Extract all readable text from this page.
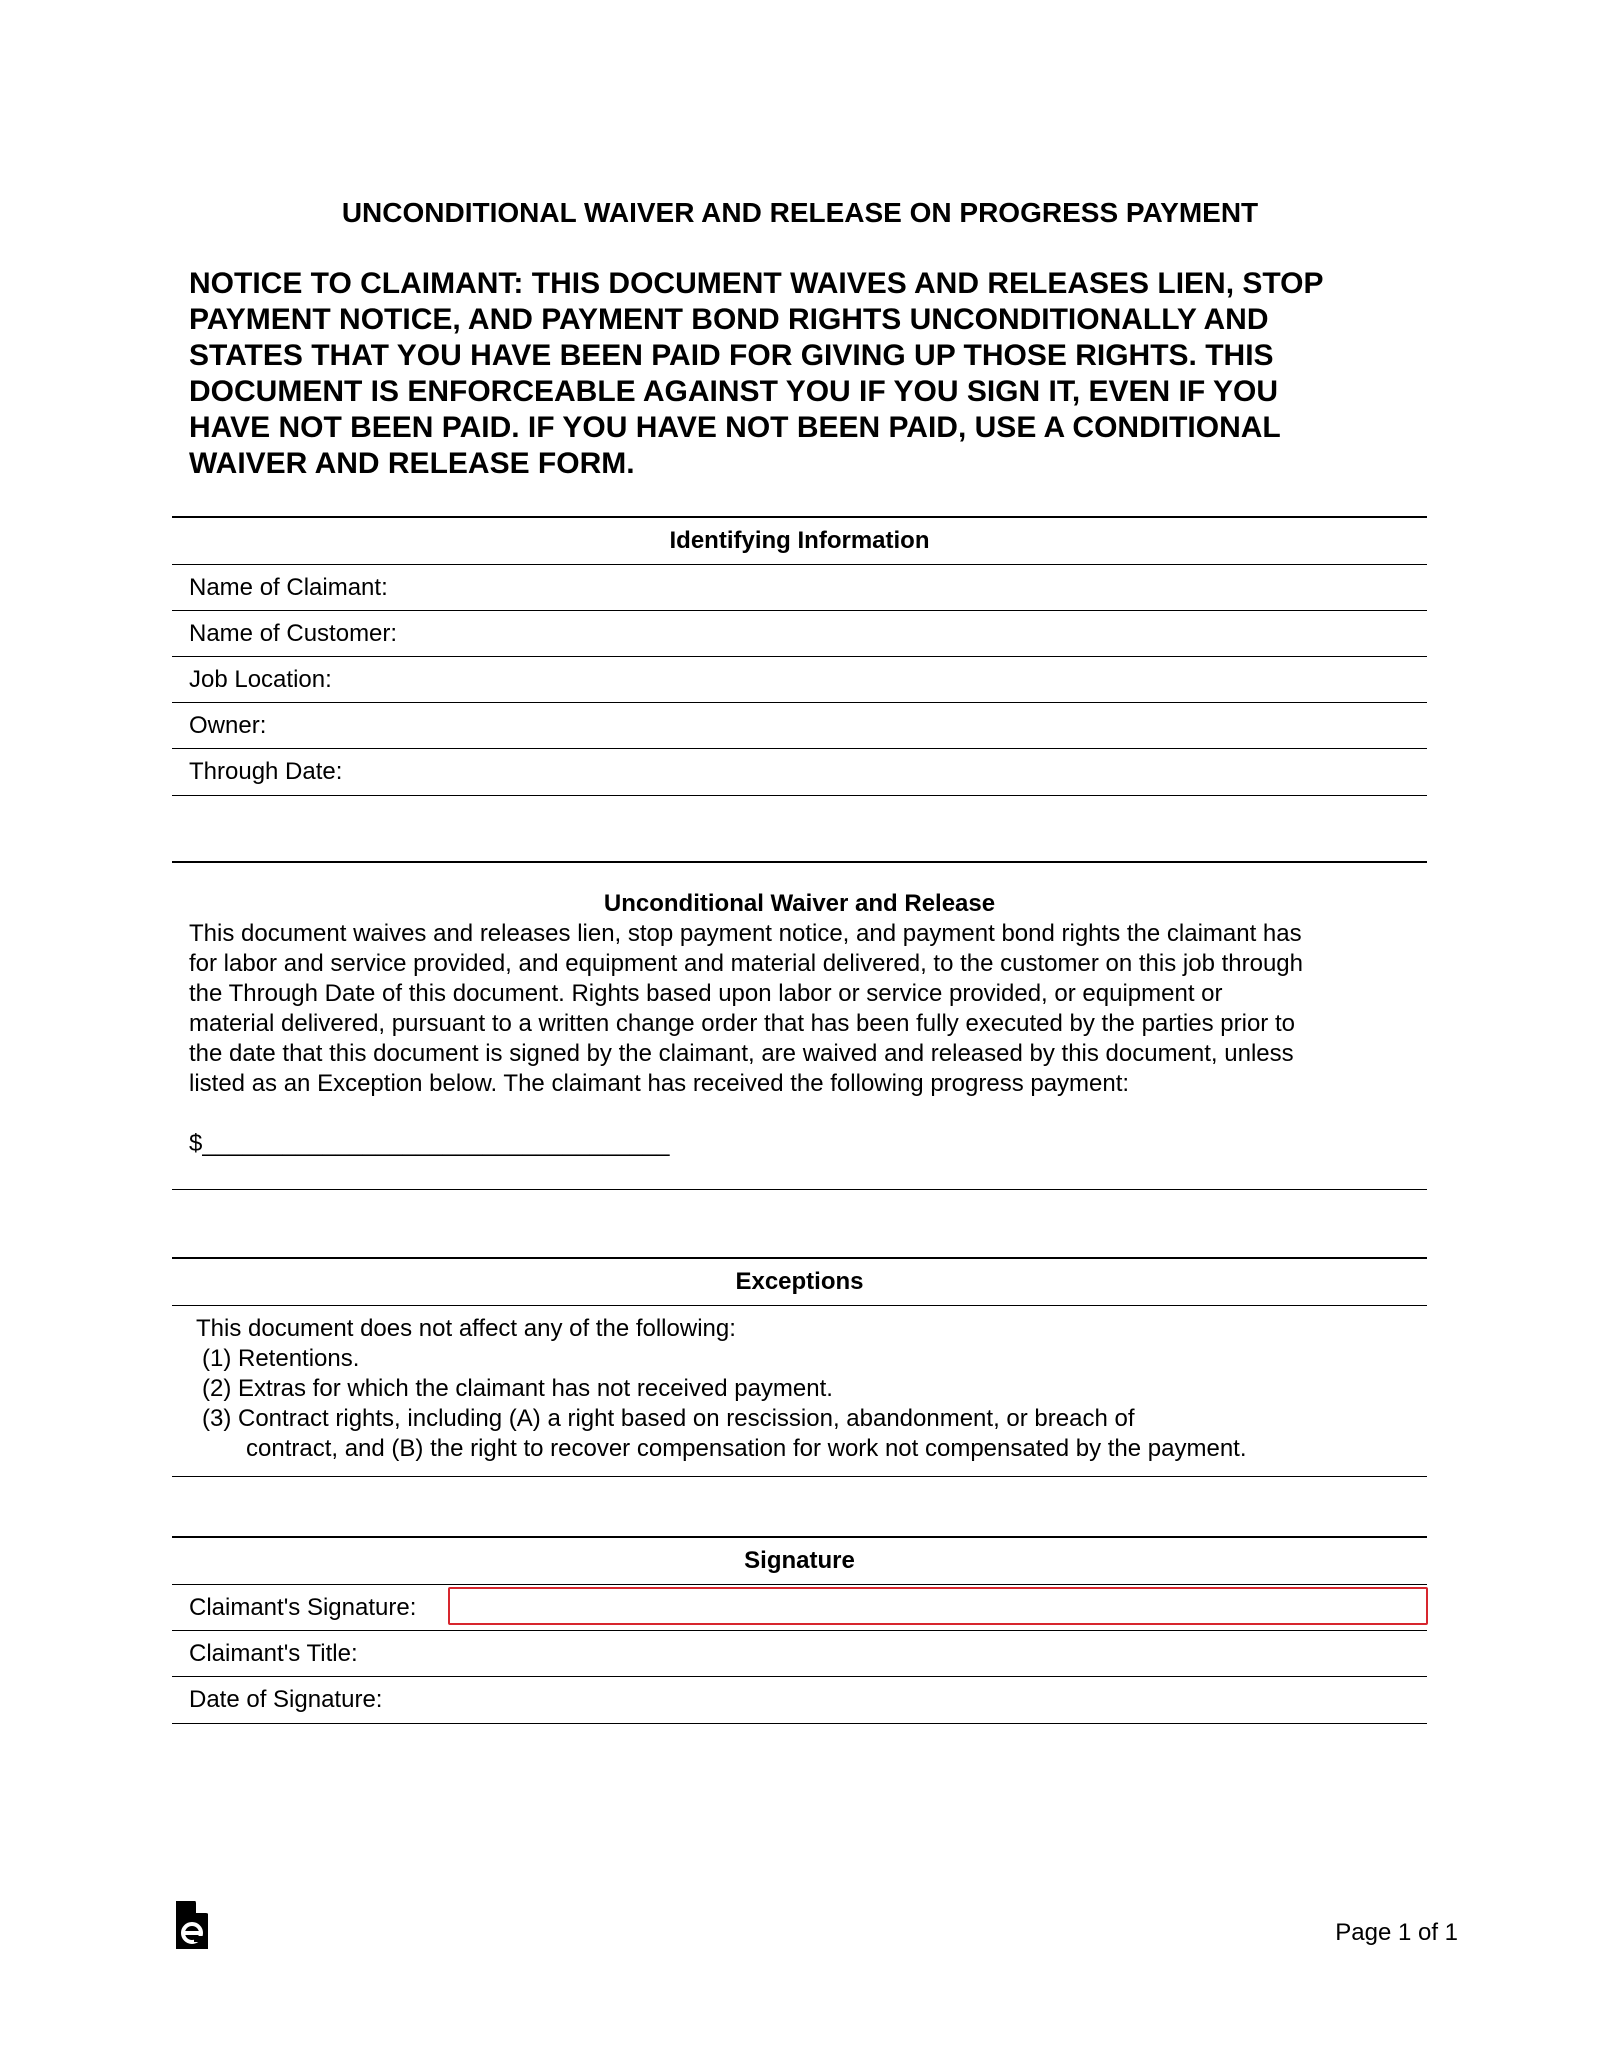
UNCONDITIONAL WAIVER AND RELEASE ON PROGRESS PAYMENT
NOTICE TO CLAIMANT: THIS DOCUMENT WAIVES AND RELEASES LIEN, STOP
PAYMENT NOTICE, AND PAYMENT BOND RIGHTS UNCONDITIONALLY AND
STATES THAT YOU HAVE BEEN PAID FOR GIVING UP THOSE RIGHTS. THIS
DOCUMENT IS ENFORCEABLE AGAINST YOU IF YOU SIGN IT, EVEN IF YOU
HAVE NOT BEEN PAID. IF YOU HAVE NOT BEEN PAID, USE A CONDITIONAL
WAIVER AND RELEASE FORM.
Identifying Information
Name of Claimant:
Name of Customer:
Job Location:
Owner:
Through Date:
Unconditional Waiver and Release
This document waives and releases lien, stop payment notice, and payment bond rights the claimant has
for labor and service provided, and equipment and material delivered, to the customer on this job through
the Through Date of this document. Rights based upon labor or service provided, or equipment or
material delivered, pursuant to a written change order that has been fully executed by the parties prior to
the date that this document is signed by the claimant, are waived and released by this document, unless
listed as an Exception below. The claimant has received the following progress payment:
$___________________________________
Exceptions
This document does not affect any of the following:
(1) Retentions.
(2) Extras for which the claimant has not received payment.
(3) Contract rights, including (A) a right based on rescission, abandonment, or breach of
contract, and (B) the right to recover compensation for work not compensated by the payment.
Signature
Claimant's Signature:
Claimant's Title:
Date of Signature:
Page 1 of 1
